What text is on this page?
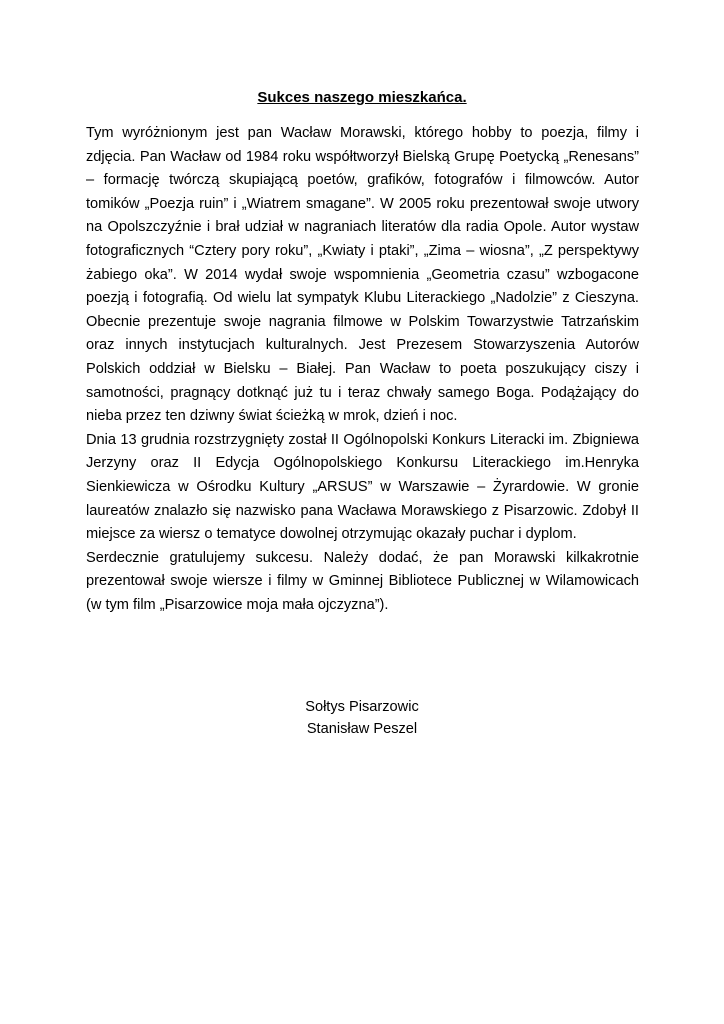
Sukces naszego mieszkańca.

Tym wyróżnionym jest pan Wacław Morawski, którego hobby to poezja, filmy i zdjęcia. Pan Wacław od 1984 roku współtworzył Bielską Grupę Poetycką „Renesans” – formację twórczą skupiającą poetów, grafików, fotografów i filmowców. Autor tomików „Poezja ruin” i „Wiatrem smagane”. W 2005 roku prezentował swoje utwory na Opolszczyźnie i brał udział w nagraniach literatów dla radia Opole. Autor wystaw fotograficznych “Cztery pory roku”, „Kwiaty i ptaki”, „Zima – wiosna”, „Z perspektywy żabiego oka”. W 2014 wydał swoje wspomnienia „Geometria czasu” wzbogacone poezją i fotografią. Od wielu lat sympatyk Klubu Literackiego „Nadolzie” z Cieszyna. Obecnie prezentuje swoje nagrania filmowe w Polskim Towarzystwie Tatrzańskim oraz innych instytucjach kulturalnych. Jest Prezesem Stowarzyszenia Autorów Polskich oddział w Bielsku – Białej. Pan Wacław to poeta poszukujący ciszy i samotności, pragnący dotknąć już tu i teraz chwały samego Boga. Podążający do nieba przez ten dziwny świat ścieżką w mrok, dzień i noc.

Dnia 13 grudnia rozstrzygnięty został II Ogólnopolski Konkurs Literacki im. Zbigniewa Jerzyny oraz II Edycja Ogólnopolskiego Konkursu Literackiego im.Henryka Sienkiewicza w Ośrodku Kultury „ARSUS” w Warszawie – Żyrardowie. W gronie laureatów znalazło się nazwisko pana Wacława Morawskiego z Pisarzowic. Zdobył II miejsce za wiersz o tematyce dowolnej otrzymując okazały puchar i dyplom.

Serdecznie gratulujemy sukcesu. Należy dodać, że pan Morawski kilkakrotnie prezentował swoje wiersze i filmy w Gminnej Bibliotece Publicznej w Wilamowicach (w tym film „Pisarzowice moja mała ojczyzna”).

Sołtys Pisarzowic
Stanisław Peszel
